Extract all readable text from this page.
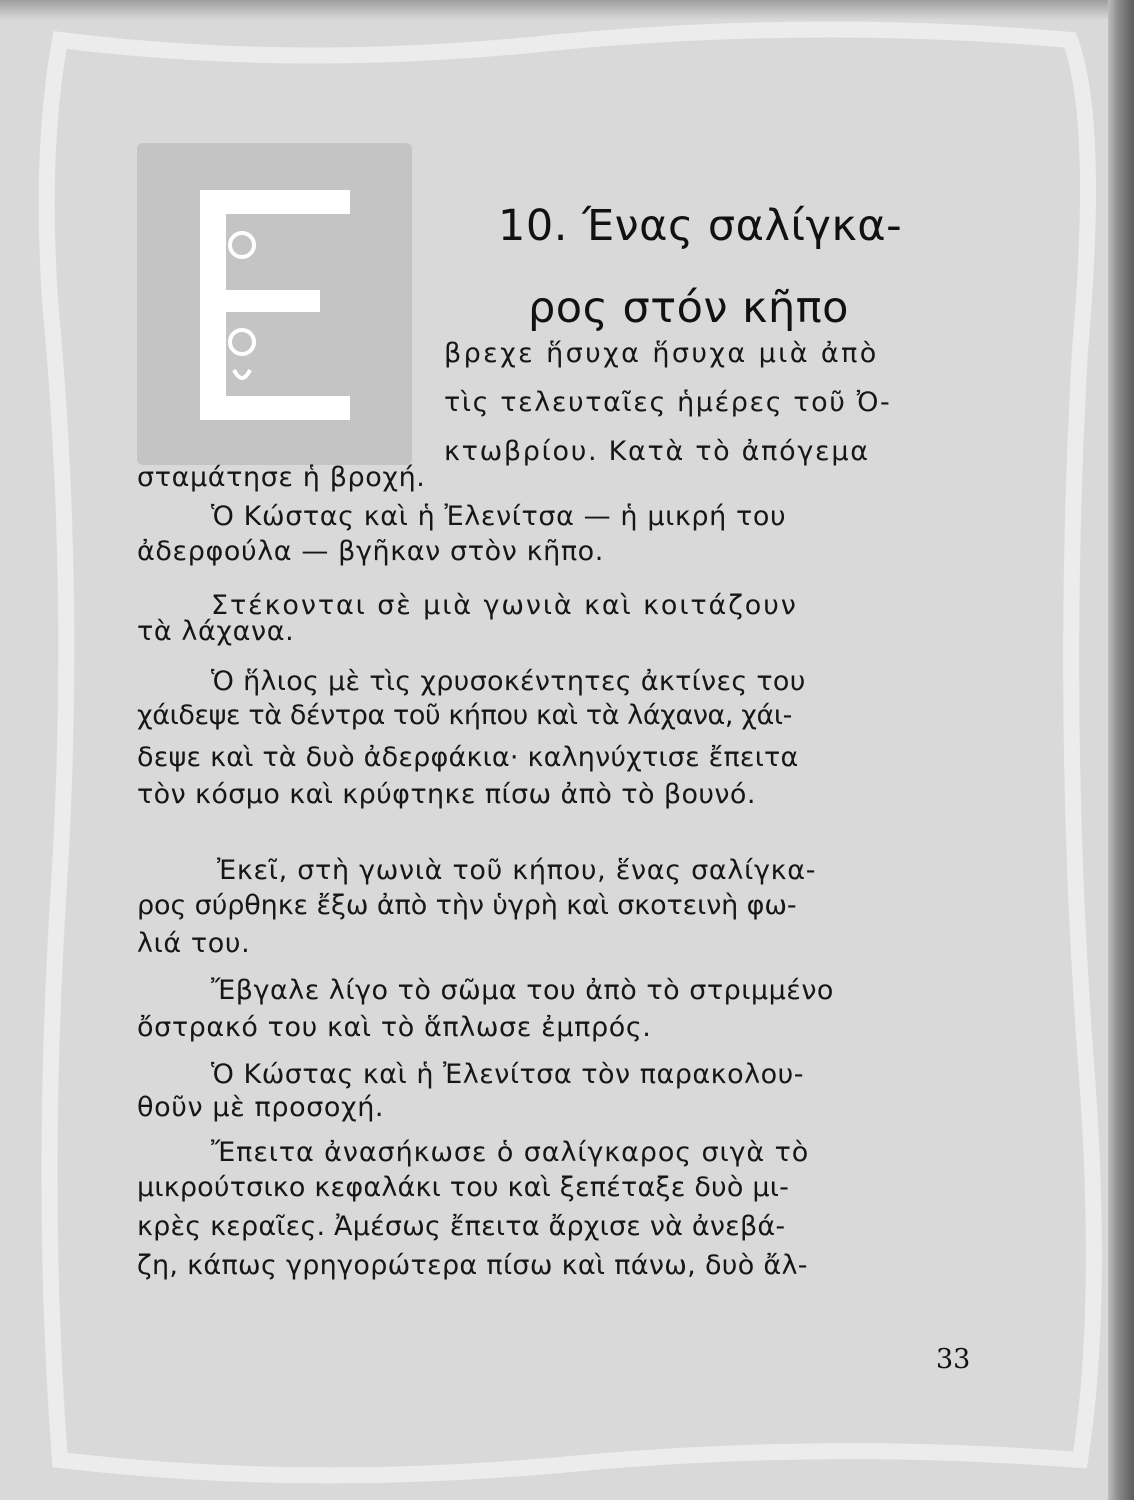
10. Ένας σαλίγκα-
ρος στόν κῆπο
βρεχε ἥσυχα ἥσυχα μιὰ ἀπὸ
τὶς τελευταῖες ἡμέρες τοῦ Ὀ-
κτωβρίου. Κατὰ τὸ ἀπόγεμα
σταμάτησε ἡ βροχή.
Ὁ Κώστας καὶ ἡ Ἐλενίτσα — ἡ μικρή του
ἀδερφούλα — βγῆκαν στὸν κῆπο.
Στέκονται σὲ μιὰ γωνιὰ καὶ κοιτάζουν
τὰ λάχανα.
Ὁ ἥλιος μὲ τὶς χρυσοκέντητες ἀκτίνες του
χάιδεψε τὰ δέντρα τοῦ κήπου καὶ τὰ λάχανα, χάι-
δεψε καὶ τὰ δυὸ ἀδερφάκια· καληνύχτισε ἔπειτα
τὸν κόσμο καὶ κρύφτηκε πίσω ἀπὸ τὸ βουνό.
Ἐκεῖ, στὴ γωνιὰ τοῦ κήπου, ἕνας σαλίγκα-
ρος σύρθηκε ἔξω ἀπὸ τὴν ὑγρὴ καὶ σκοτεινὴ φω-
λιά του.
Ἔβγαλε λίγο τὸ σῶμα του ἀπὸ τὸ στριμμένο
ὄστρακό του καὶ τὸ ἅπλωσε ἐμπρός.
Ὁ Κώστας καὶ ἡ Ἐλενίτσα τὸν παρακολου-
θοῦν μὲ προσοχή.
Ἔπειτα ἀνασήκωσε ὁ σαλίγκαρος σιγὰ τὸ
μικρούτσικο κεφαλάκι του καὶ ξεπέταξε δυὸ μι-
κρὲς κεραῖες. Ἀμέσως ἔπειτα ἄρχισε νὰ ἀνεβά-
ζη, κάπως γρηγορώτερα πίσω καὶ πάνω, δυὸ ἄλ-
33
